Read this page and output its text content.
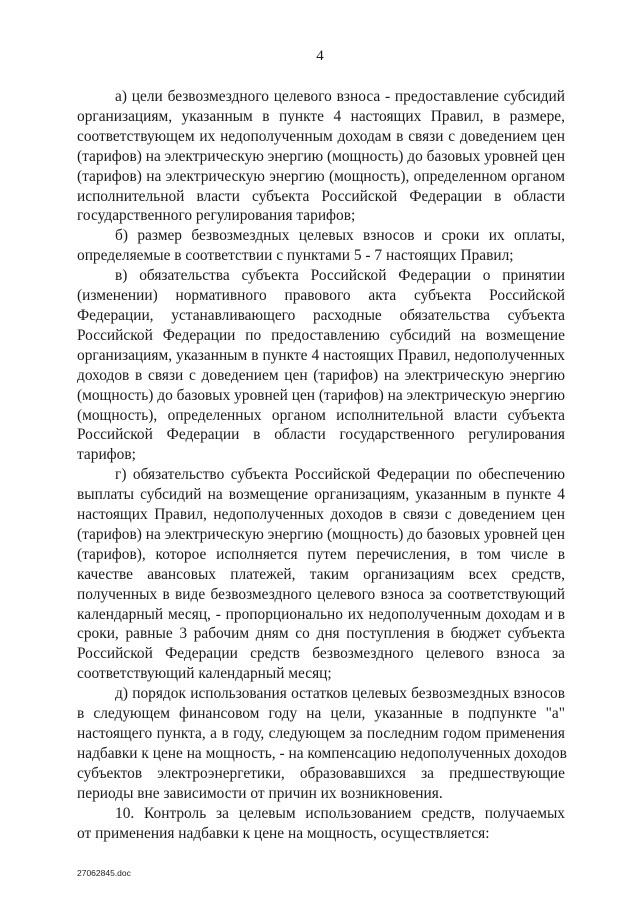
4
а) цели безвозмездного целевого взноса - предоставление субсидий
организациям, указанным в пункте 4 настоящих Правил, в размере,
соответствующем их недополученным доходам в связи с доведением цен
(тарифов) на электрическую энергию (мощность) до базовых уровней цен
(тарифов) на электрическую энергию (мощность), определенном органом
исполнительной власти субъекта Российской Федерации в области
государственного регулирования тарифов;
б) размер безвозмездных целевых взносов и сроки их оплаты,
определяемые в соответствии с пунктами 5 - 7 настоящих Правил;
в) обязательства субъекта Российской Федерации о принятии
(изменении) нормативного правового акта субъекта Российской
Федерации, устанавливающего расходные обязательства субъекта
Российской Федерации по предоставлению субсидий на возмещение
организациям, указанным в пункте 4 настоящих Правил, недополученных
доходов в связи с доведением цен (тарифов) на электрическую энергию
(мощность) до базовых уровней цен (тарифов) на электрическую энергию
(мощность), определенных органом исполнительной власти субъекта
Российской Федерации в области государственного регулирования
тарифов;
г) обязательство субъекта Российской Федерации по обеспечению
выплаты субсидий на возмещение организациям, указанным в пункте 4
настоящих Правил, недополученных доходов в связи с доведением цен
(тарифов) на электрическую энергию (мощность) до базовых уровней цен
(тарифов), которое исполняется путем перечисления, в том числе в
качестве авансовых платежей, таким организациям всех средств,
полученных в виде безвозмездного целевого взноса за соответствующий
календарный месяц, - пропорционально их недополученным доходам и в
сроки, равные 3 рабочим дням со дня поступления в бюджет субъекта
Российской Федерации средств безвозмездного целевого взноса за
соответствующий календарный месяц;
д) порядок использования остатков целевых безвозмездных взносов
в следующем финансовом году на цели, указанные в подпункте "а"
настоящего пункта, а в году, следующем за последним годом применения
надбавки к цене на мощность, - на компенсацию недополученных доходов
субъектов электроэнергетики, образовавшихся за предшествующие
периоды вне зависимости от причин их возникновения.
10. Контроль за целевым использованием средств, получаемых
от применения надбавки к цене на мощность, осуществляется:
27062845.doc
